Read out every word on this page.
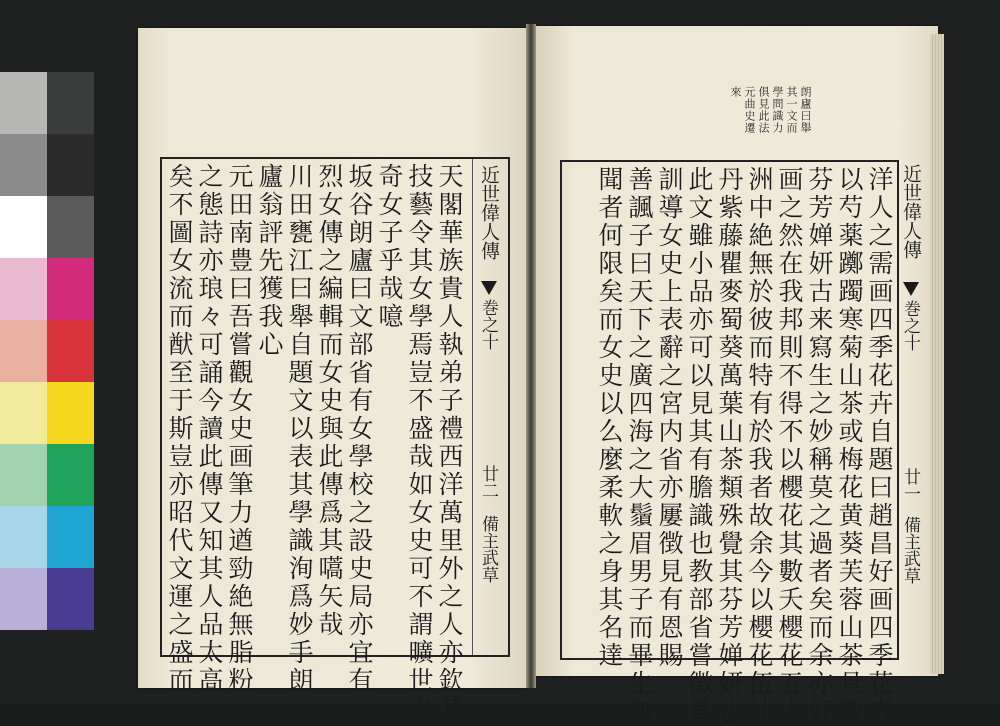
近世偉人傳
巻之十
廿二
備主武草
天閣華族貴人執弟子禮西洋萬里外之人亦欽其
技藝令其女學焉豈不盛哉如女史可不謂曠世之
奇女子乎哉噫
坂谷朗廬曰文部省有女學校之設史局亦宜有
烈女傳之編輯而女史與此傳爲其嚆矢哉
川田甕江曰舉自題文以表其學識洵爲妙手朗
廬翁評先獲我心
元田南豊曰吾嘗觀女史画筆力遒勁絶無脂粉
之態詩亦琅々可誦今讀此傳又知其人品太高
矣不圖女流而猷至于斯豈亦昭代文運之盛而	洋人之需画四季花卉自題曰趙昌好画四季花卉
以芍薬躑躅寒菊山茶或梅花黄葵芙蓉山茶具數
芬芳婵妍古来寫生之妙稱莫之過者矣而余亦好
画之然在我邦則不得不以櫻花其數夭櫻花五大
洲中絶無於彼而特有於我者故余今以櫻花伍杜
丹紫藤瞿麥蜀葵萬葉山茶類殊覺其芬芳婵妍也
此文雖小品亦可以見其有膽識也教部省嘗徴爲
訓導女史上表辭之宮内省亦屢徴見有恩賜
善諷子曰天下之廣四海之大鬚眉男子而畢生無
聞者何限矣而女史以么麼柔軟之身其名達	近世偉人傳
巻之十
廿一
備主武草
朗廬曰舉
其一文而
學問識力
俱見此法
元曲史遷
來
